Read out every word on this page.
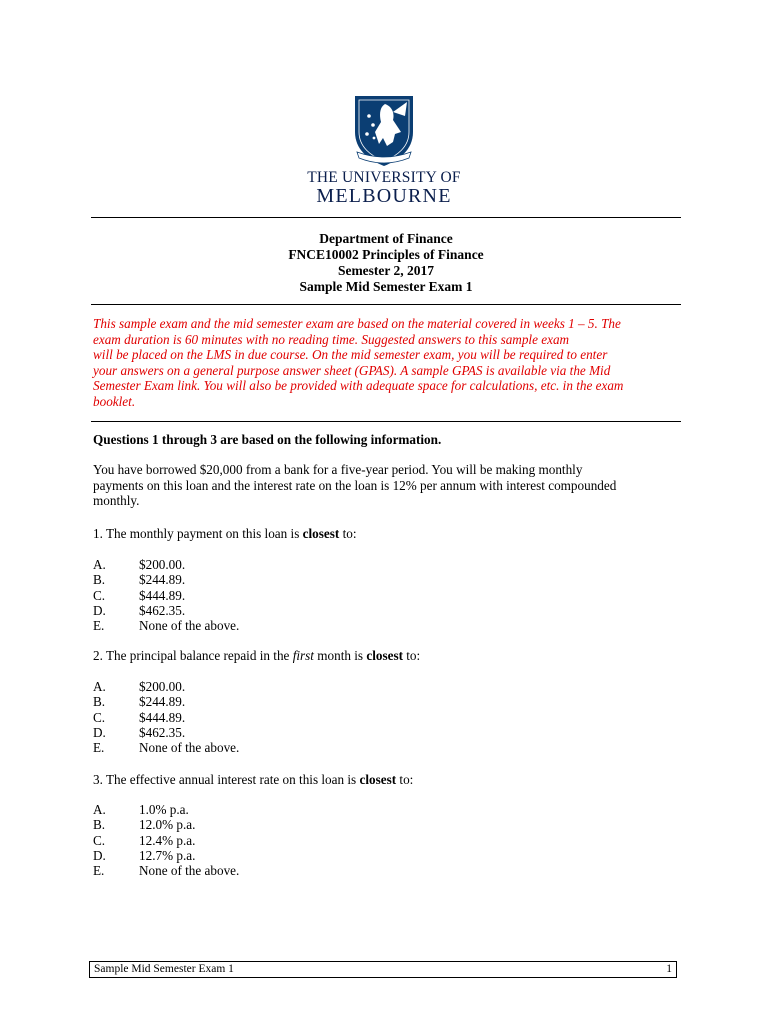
THE UNIVERSITY OF
MELBOURNE
Department of Finance
FNCE10002 Principles of Finance
Semester 2, 2017
Sample Mid Semester Exam 1
This sample exam and the mid semester exam are based on the material covered in weeks 1 – 5. The
exam duration is 60 minutes with no reading time. Suggested answers to this sample exam
will be placed on the LMS in due course. On the mid semester exam, you will be required to enter
your answers on a general purpose answer sheet (GPAS). A sample GPAS is available via the Mid
Semester Exam link. You will also be provided with adequate space for calculations, etc. in the exam
booklet.
Questions 1 through 3 are based on the following information.
You have borrowed $20,000 from a bank for a five-year period. You will be making monthly
payments on this loan and the interest rate on the loan is 12% per annum with interest compounded
monthly.
1. The monthly payment on this loan is closest to:
A.	$200.00.
B.	$244.89.
C.	$444.89.
D.	$462.35.
E.	None of the above.
2. The principal balance repaid in the first month is closest to:
A.	$200.00.
B.	$244.89.
C.	$444.89.
D.	$462.35.
E.	None of the above.
3. The effective annual interest rate on this loan is closest to:
A.	1.0% p.a.
B.	12.0% p.a.
C.	12.4% p.a.
D.	12.7% p.a.
E.	None of the above.
Sample Mid Semester Exam 1	1
